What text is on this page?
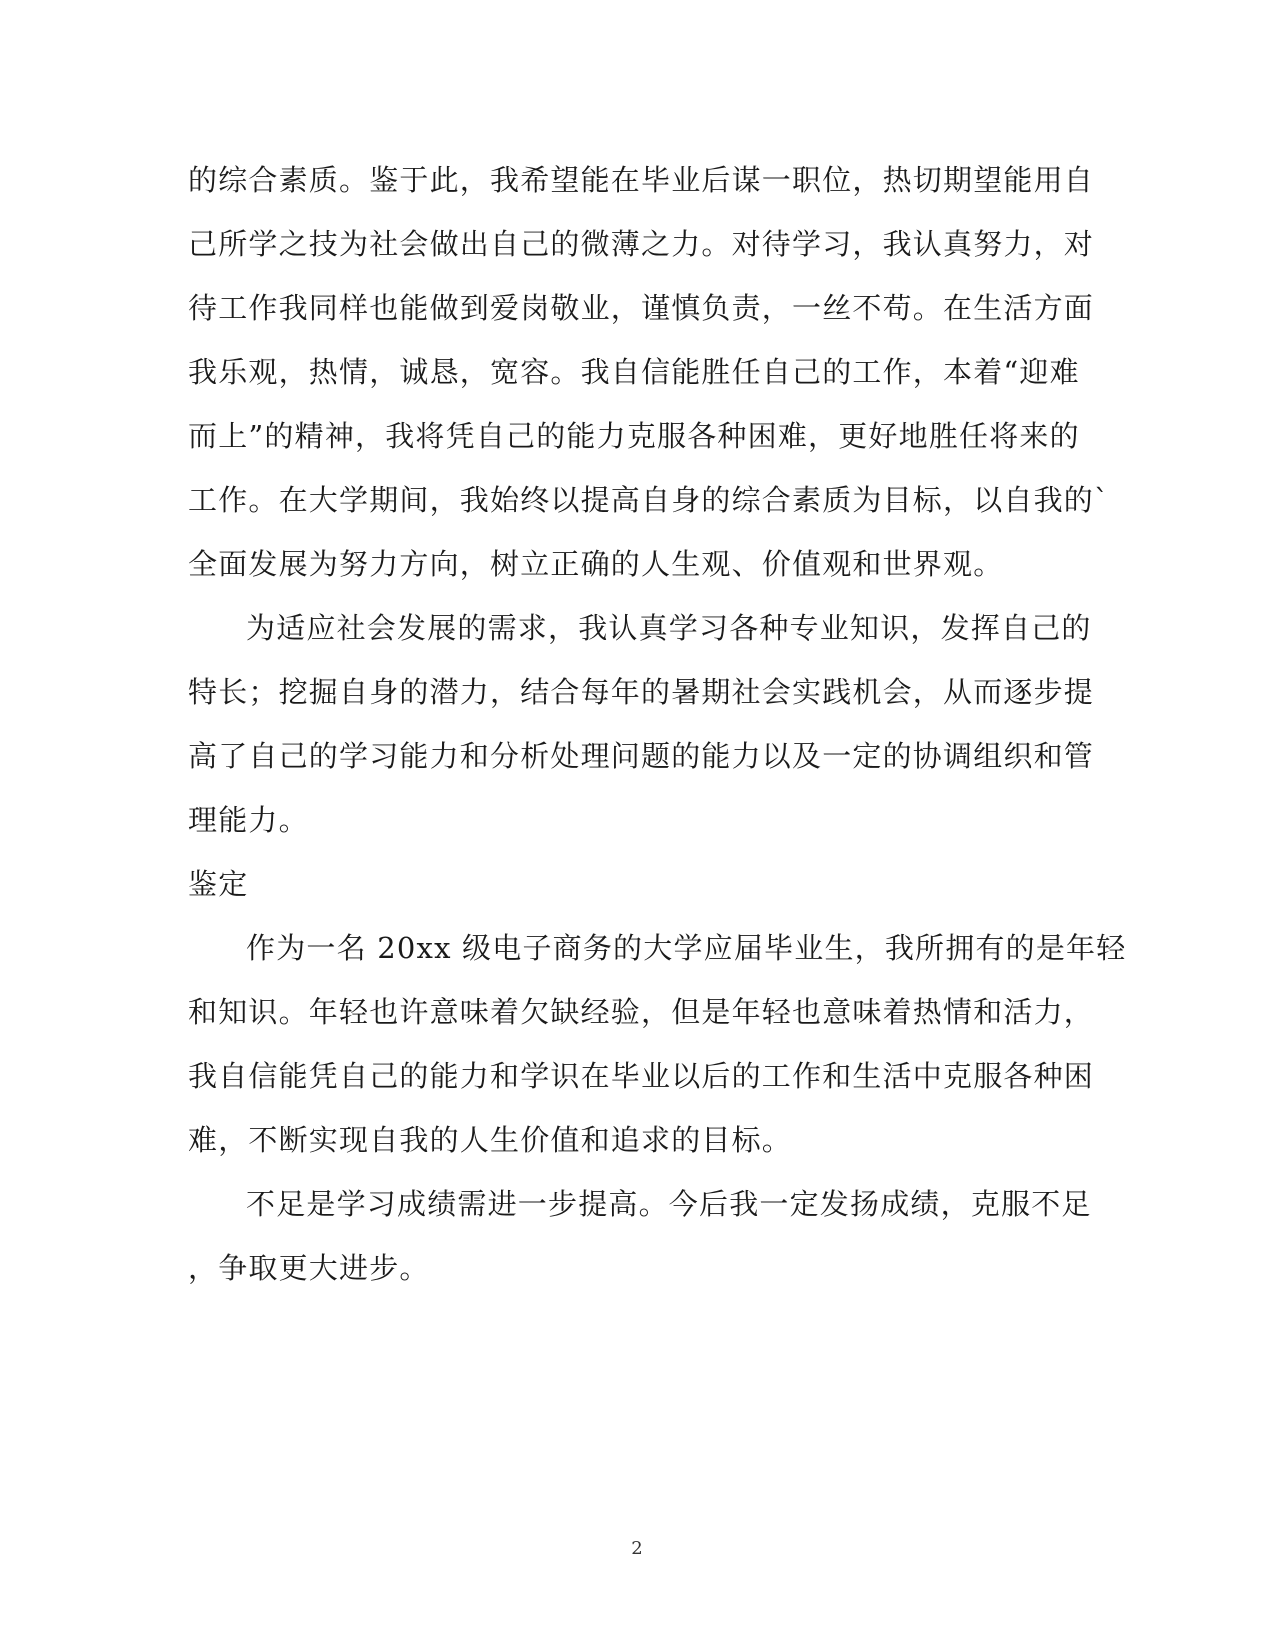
的综合素质。鉴于此，我希望能在毕业后谋一职位，热切期望能用自
己所学之技为社会做出自己的微薄之力。对待学习，我认真努力，对
待工作我同样也能做到爱岗敬业，谨慎负责，一丝不苟。在生活方面
我乐观，热情，诚恳，宽容。我自信能胜任自己的工作，本着“迎难
而上”的精神，我将凭自己的能力克服各种困难，更好地胜任将来的
工作。在大学期间，我始终以提高自身的综合素质为目标，以自我的`
全面发展为努力方向，树立正确的人生观、价值观和世界观。
为适应社会发展的需求，我认真学习各种专业知识，发挥自己的
特长；挖掘自身的潜力，结合每年的暑期社会实践机会，从而逐步提
高了自己的学习能力和分析处理问题的能力以及一定的协调组织和管
理能力。
鉴定
作为一名 20xx 级电子商务的大学应届毕业生，我所拥有的是年轻
和知识。年轻也许意味着欠缺经验，但是年轻也意味着热情和活力，
我自信能凭自己的能力和学识在毕业以后的工作和生活中克服各种困
难，不断实现自我的人生价值和追求的目标。
不足是学习成绩需进一步提高。今后我一定发扬成绩，克服不足
，争取更大进步。
2
